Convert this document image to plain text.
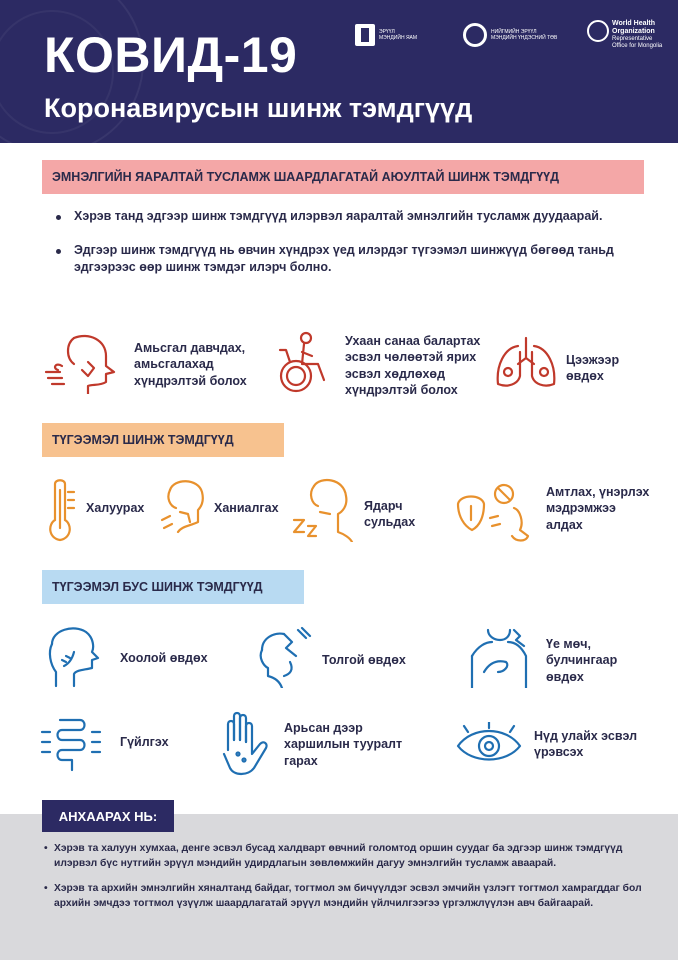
КОВИД-19
Коронавирусын шинж тэмдгүүд
ЭРҮҮЛ МЭНДИЙН ЯАМ
НИЙГМИЙН ЭРҮҮЛ МЭНДИЙН ҮНДЭСНИЙ ТӨВ
World Health Organization
Representative Office for Mongolia
ЭМНЭЛГИЙН ЯАРАЛТАЙ ТУСЛАМЖ ШААРДЛАГАТАЙ АЮУЛТАЙ ШИНЖ ТЭМДГҮҮД
Хэрэв танд эдгээр шинж тэмдгүүд илэрвэл яаралтай эмнэлгийн тусламж дуудаарай.
Эдгээр шинж тэмдгүүд нь өвчин хүндрэх үед илэрдэг түгээмэл шинжүүд бөгөөд таньд эдгээрээс өөр шинж тэмдэг илэрч болно.
Амьсгал давчдах, амьсгалахад хүндрэлтэй болох
Ухаан санаа балартах эсвэл чөлөөтэй ярих эсвэл хөдлөхөд хүндрэлтэй болох
Цээжээр өвдөх
ТҮГЭЭМЭЛ ШИНЖ ТЭМДГҮҮД
Халуурах	Ханиалгах	Ядарч сульдах
Амтлах, үнэрлэх мэдрэмжээ алдах
ТҮГЭЭМЭЛ БУС ШИНЖ ТЭМДГҮҮД
Хоолой өвдөх	Толгой өвдөх
Үе мөч, булчингаар өвдөх
Гүйлгэх
Арьсан дээр харшилын тууралт гарах
Нүд улайх эсвэл үрэвсэх
АНХААРАХ НЬ:
• Хэрэв та халуун хумхаа, денге эсвэл бусад халдварт өвчний голомтод оршин суудаг ба эдгээр шинж тэмдгүүд илэрвэл бүс нутгийн эрүүл мэндийн удирдлагын зөвлөмжийн дагуу эмнэлгийн тусламж аваарай.
• Хэрэв та архийн эмнэлгийн хяналтанд байдаг, тогтмол эм бичүүлдэг эсвэл эмчийн үзлэгт тогтмол хамрагддаг бол архийн эмчдээ тогтмол үзүүлж шаардлагатай эрүүл мэндийн үйлчилгээгээ үргэлжлүүлэн авч байгаарай.
